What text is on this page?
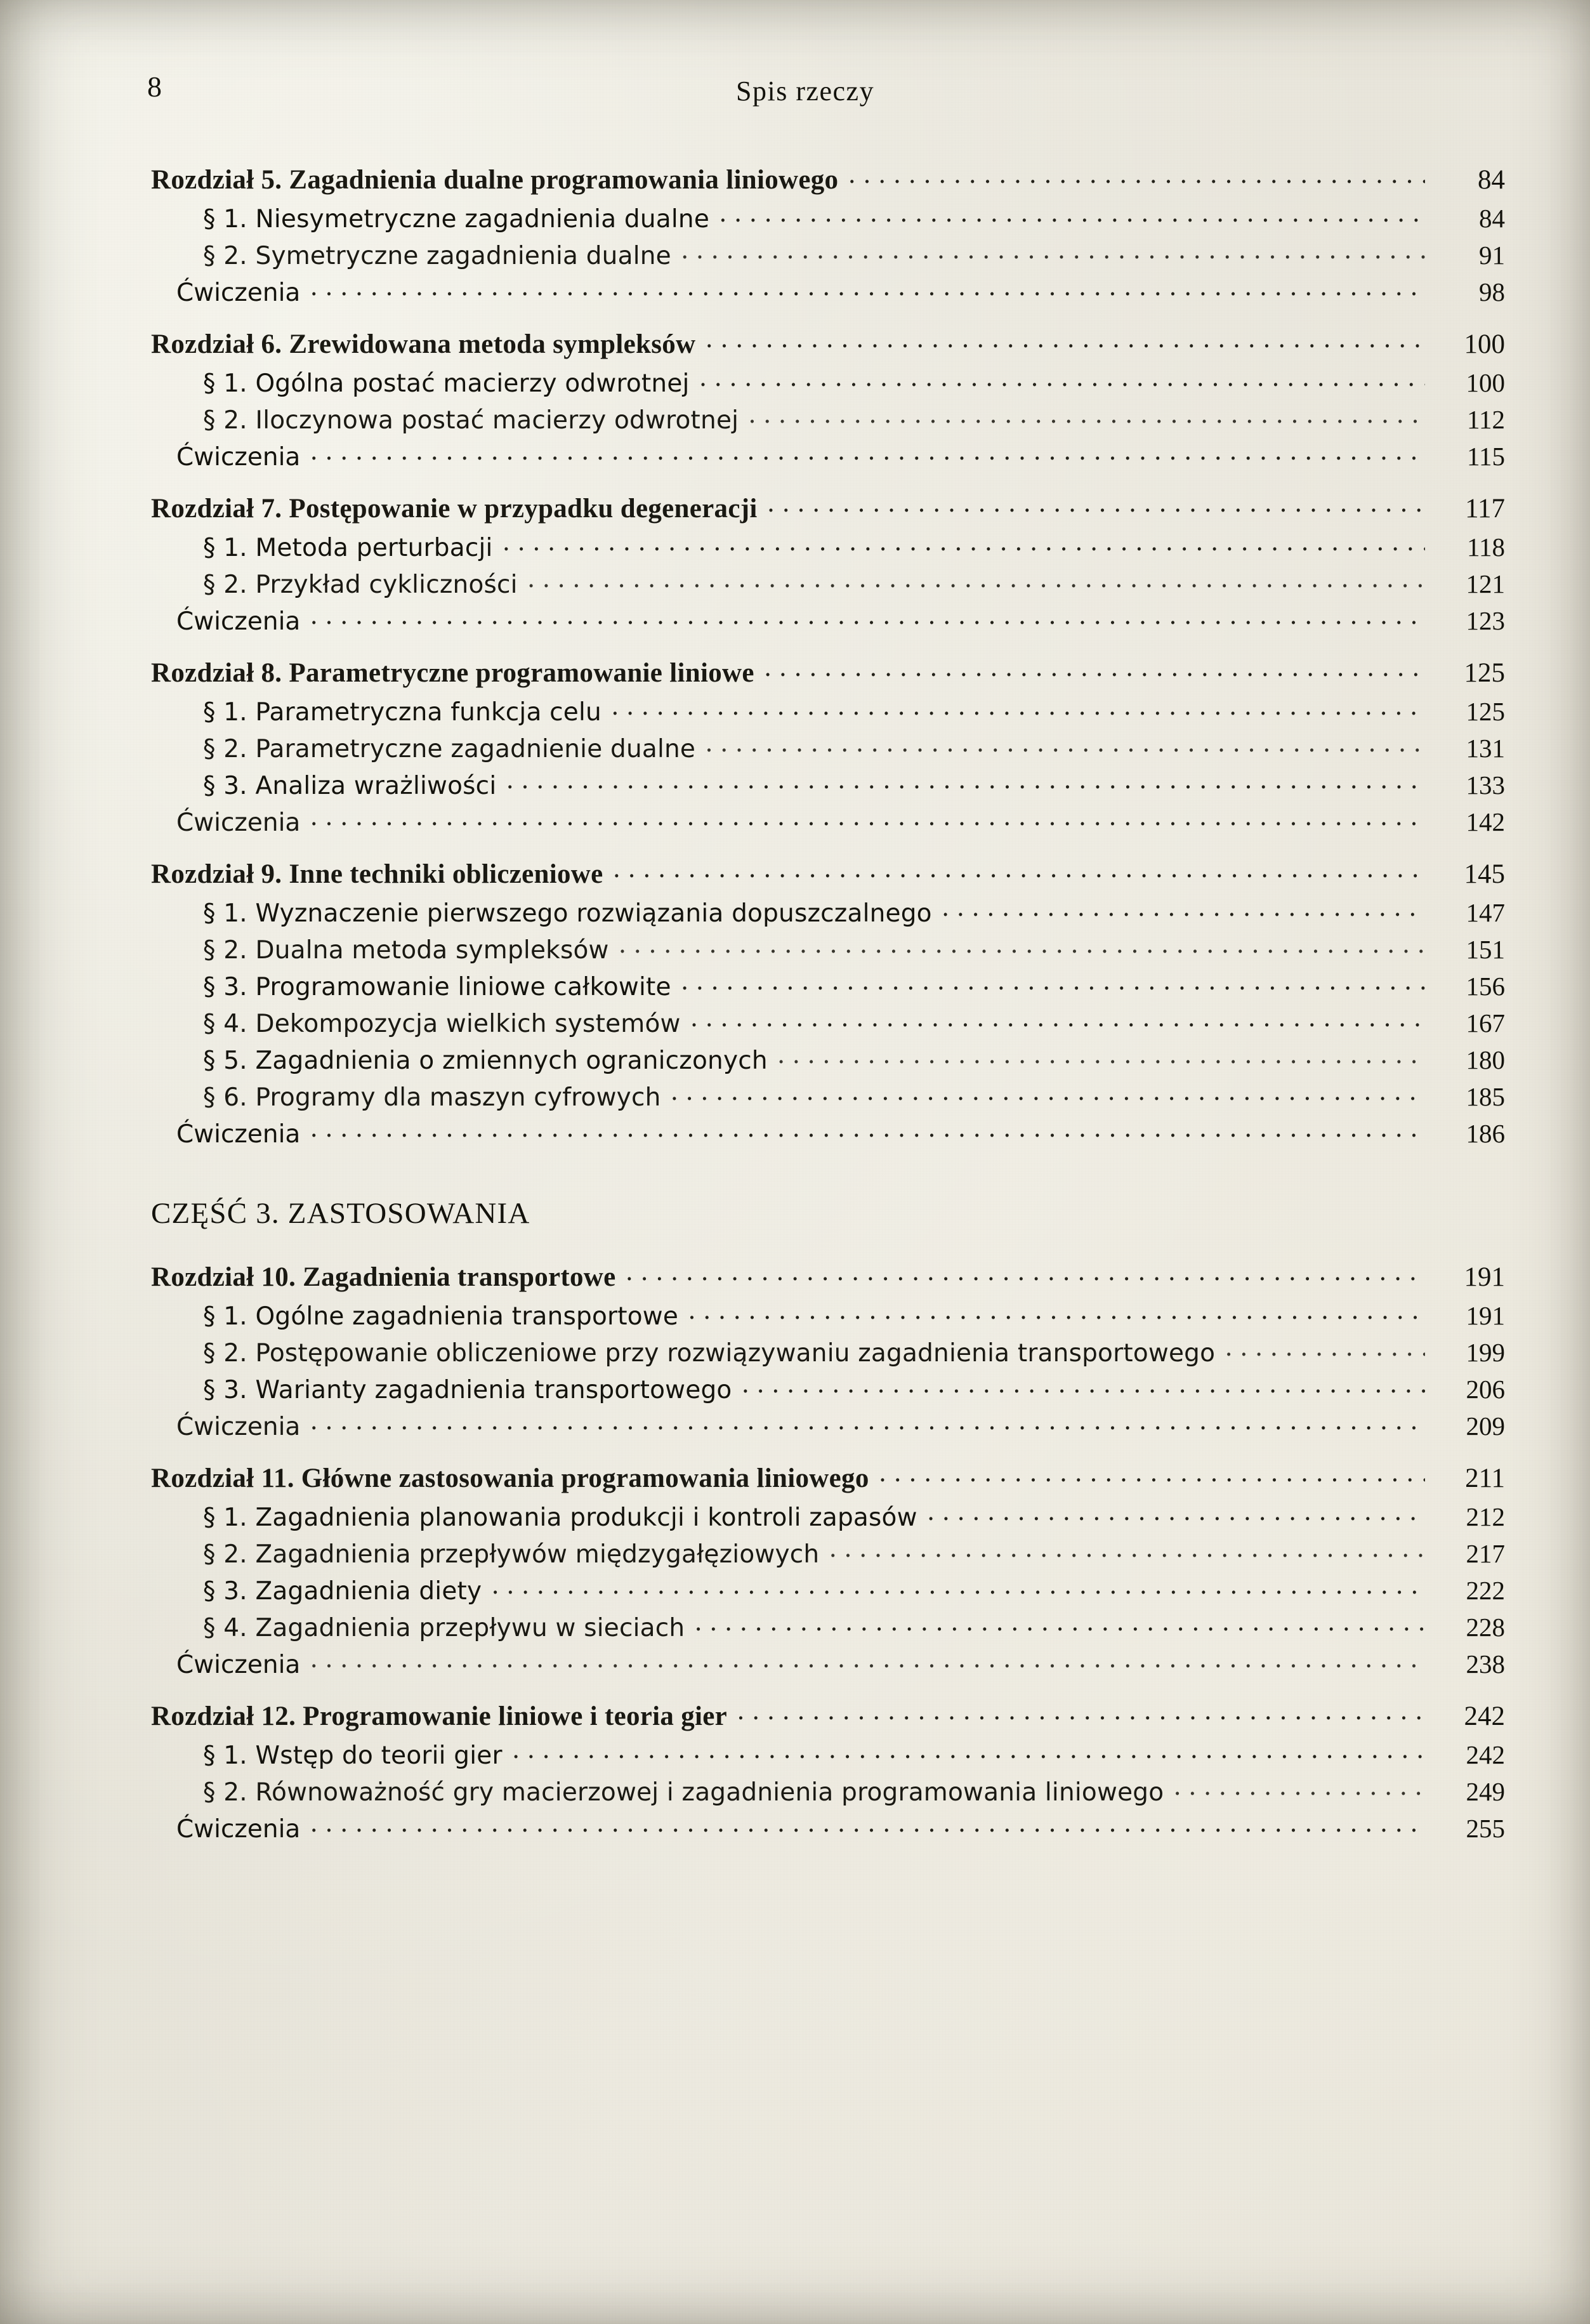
8	Spis rzeczy
Rozdział 5. Zagadnienia dualne programowania liniowego .....	84
§ 1. Niesymetryczne zagadnienia dualne .....	84
§ 2. Symetryczne zagadnienia dualne .....	91
Ćwiczenia .....	98
Rozdział 6. Zrewidowana metoda sympleksów .....	100
§ 1. Ogólna postać macierzy odwrotnej .....	100
§ 2. Iloczynowa postać macierzy odwrotnej .....	112
Ćwiczenia .....	115
Rozdział 7. Postępowanie w przypadku degeneracji .....	117
§ 1. Metoda perturbacji .....	118
§ 2. Przykład cykliczności .....	121
Ćwiczenia .....	123
Rozdział 8. Parametryczne programowanie liniowe .....	125
§ 1. Parametryczna funkcja celu .....	125
§ 2. Parametryczne zagadnienie dualne .....	131
§ 3. Analiza wrażliwości .....	133
Ćwiczenia .....	142
Rozdział 9. Inne techniki obliczeniowe .....	145
§ 1. Wyznaczenie pierwszego rozwiązania dopuszczalnego .....	147
§ 2. Dualna metoda sympleksów .....	151
§ 3. Programowanie liniowe całkowite .....	156
§ 4. Dekompozycja wielkich systemów .....	167
§ 5. Zagadnienia o zmiennych ograniczonych .....	180
§ 6. Programy dla maszyn cyfrowych .....	185
Ćwiczenia .....	186
CZĘŚĆ 3. ZASTOSOWANIA
Rozdział 10. Zagadnienia transportowe .....	191
§ 1. Ogólne zagadnienia transportowe .....	191
§ 2. Postępowanie obliczeniowe przy rozwiązywaniu zagadnienia transportowego .....	199
§ 3. Warianty zagadnienia transportowego .....	206
Ćwiczenia .....	209
Rozdział 11. Główne zastosowania programowania liniowego .....	211
§ 1. Zagadnienia planowania produkcji i kontroli zapasów .....	212
§ 2. Zagadnienia przepływów międzygałęziowych .....	217
§ 3. Zagadnienia diety .....	222
§ 4. Zagadnienia przepływu w sieciach .....	228
Ćwiczenia .....	238
Rozdział 12. Programowanie liniowe i teoria gier .....	242
§ 1. Wstęp do teorii gier .....	242
§ 2. Równoważność gry macierzowej i zagadnienia programowania liniowego .....	249
Ćwiczenia .....	255
